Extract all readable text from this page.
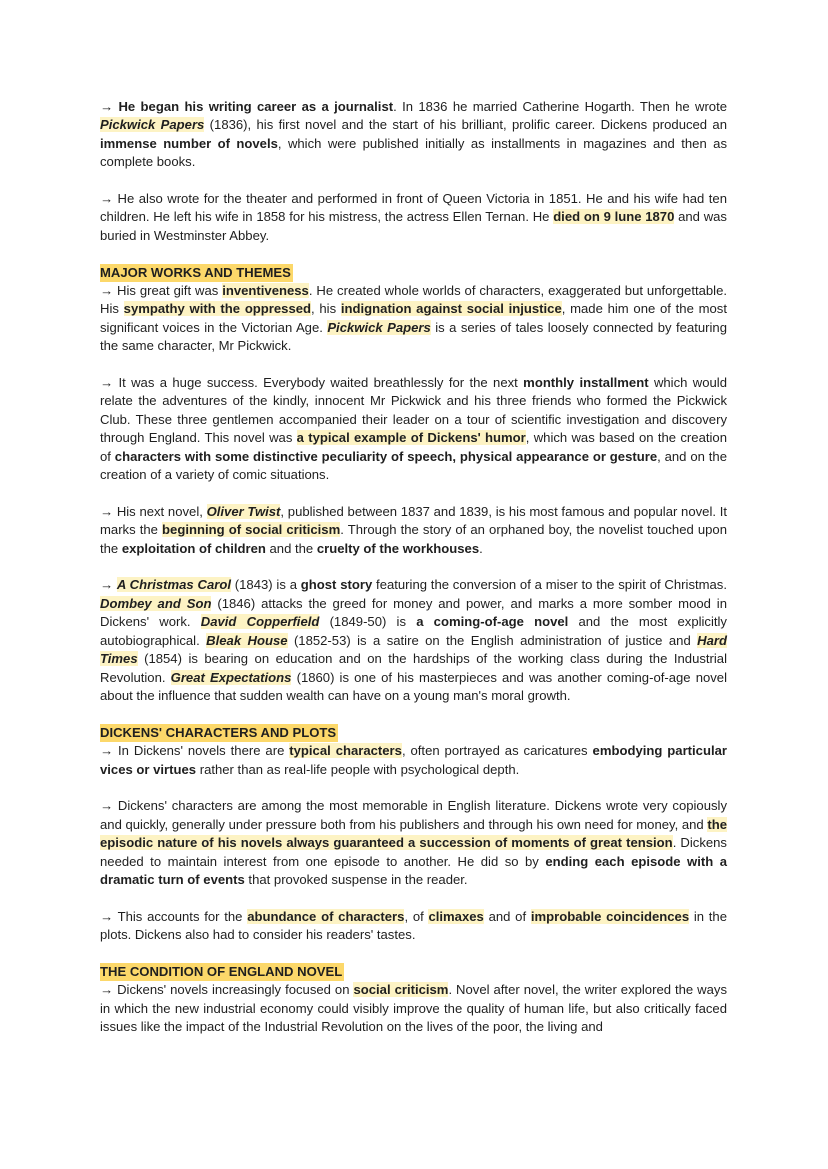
→ He began his writing career as a journalist. In 1836 he married Catherine Hogarth. Then he wrote Pickwick Papers (1836), his first novel and the start of his brilliant, prolific career. Dickens produced an immense number of novels, which were published initially as installments in magazines and then as complete books.

→ He also wrote for the theater and performed in front of Queen Victoria in 1851. He and his wife had ten children. He left his wife in 1858 for his mistress, the actress Ellen Ternan. He died on 9 lune 1870 and was buried in Westminster Abbey.

MAJOR WORKS AND THEMES

→ His great gift was inventiveness. He created whole worlds of characters, exaggerated but unforgettable. His sympathy with the oppressed, his indignation against social injustice, made him one of the most significant voices in the Victorian Age. Pickwick Papers is a series of tales loosely connected by featuring the same character, Mr Pickwick.

→ It was a huge success. Everybody waited breathlessly for the next monthly installment which would relate the adventures of the kindly, innocent Mr Pickwick and his three friends who formed the Pickwick Club. These three gentlemen accompanied their leader on a tour of scientific investigation and discovery through England. This novel was a typical example of Dickens' humor, which was based on the creation of characters with some distinctive peculiarity of speech, physical appearance or gesture, and on the creation of a variety of comic situations.

→ His next novel, Oliver Twist, published between 1837 and 1839, is his most famous and popular novel. It marks the beginning of social criticism. Through the story of an orphaned boy, the novelist touched upon the exploitation of children and the cruelty of the workhouses.

→ A Christmas Carol (1843) is a ghost story featuring the conversion of a miser to the spirit of Christmas. Dombey and Son (1846) attacks the greed for money and power, and marks a more somber mood in Dickens' work. David Copperfield (1849-50) is a coming-of-age novel and the most explicitly autobiographical. Bleak House (1852-53) is a satire on the English administration of justice and Hard Times (1854) is bearing on education and on the hardships of the working class during the Industrial Revolution. Great Expectations (1860) is one of his masterpieces and was another coming-of-age novel about the influence that sudden wealth can have on a young man's moral growth.

DICKENS' CHARACTERS AND PLOTS

→ In Dickens' novels there are typical characters, often portrayed as caricatures embodying particular vices or virtues rather than as real-life people with psychological depth.

→ Dickens' characters are among the most memorable in English literature. Dickens wrote very copiously and quickly, generally under pressure both from his publishers and through his own need for money, and the episodic nature of his novels always guaranteed a succession of moments of great tension. Dickens needed to maintain interest from one episode to another. He did so by ending each episode with a dramatic turn of events that provoked suspense in the reader.

→ This accounts for the abundance of characters, of climaxes and of improbable coincidences in the plots. Dickens also had to consider his readers' tastes.

THE CONDITION OF ENGLAND NOVEL

→ Dickens' novels increasingly focused on social criticism. Novel after novel, the writer explored the ways in which the new industrial economy could visibly improve the quality of human life, but also critically faced issues like the impact of the Industrial Revolution on the lives of the poor, the living and
